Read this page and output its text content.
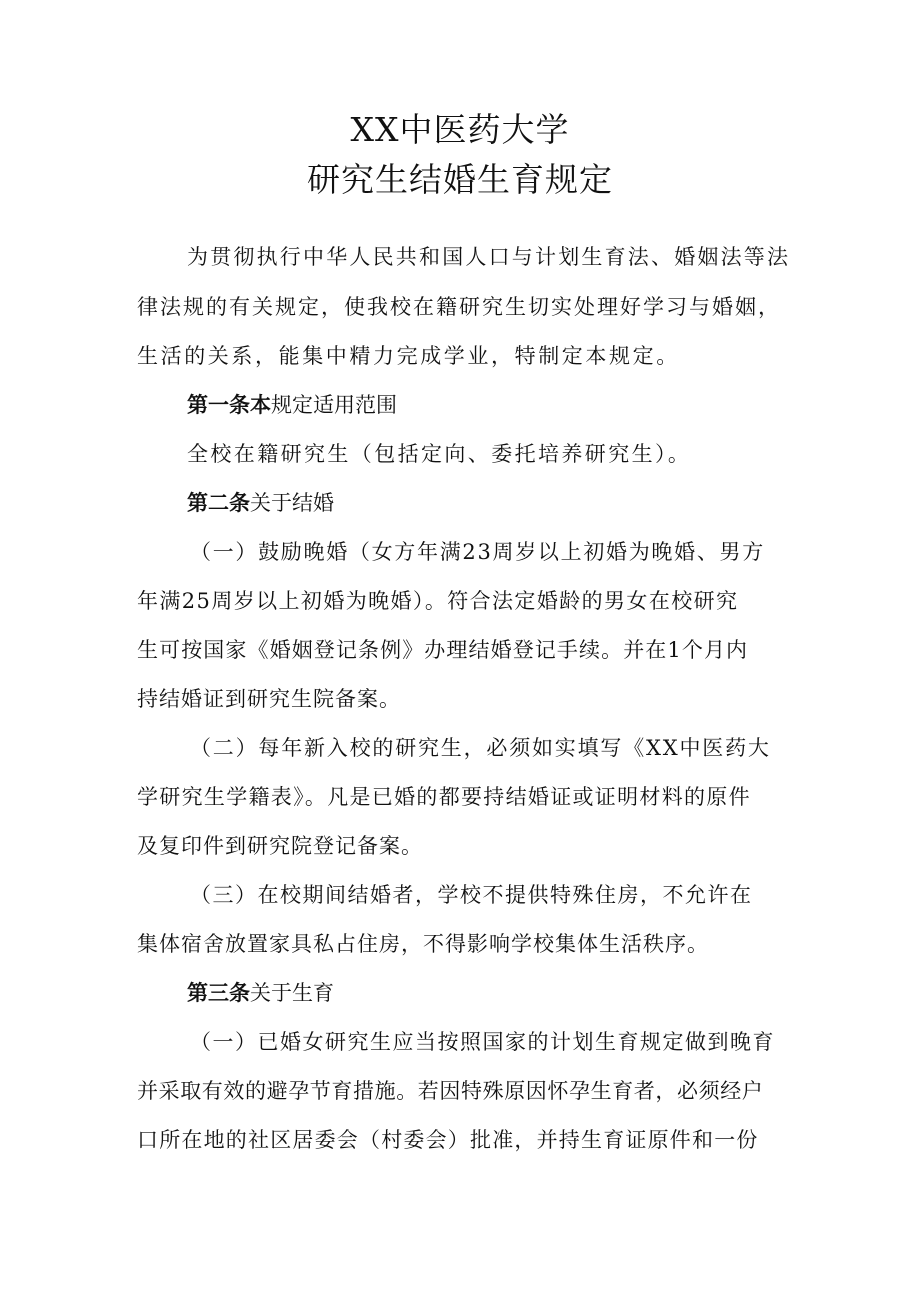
XX中医药大学
研究生结婚生育规定
为贯彻执行中华人民共和国人口与计划生育法、婚姻法等法
律法规的有关规定，使我校在籍研究生切实处理好学习与婚姻，
生活的关系，能集中精力完成学业，特制定本规定。
第一条本规定适用范围
全校在籍研究生（包括定向、委托培养研究生）。
第二条关于结婚
（一）鼓励晚婚（女方年满23周岁以上初婚为晚婚、男方
年满25周岁以上初婚为晚婚）。符合法定婚龄的男女在校研究
生可按国家《婚姻登记条例》办理结婚登记手续。并在1个月内
持结婚证到研究生院备案。
（二）每年新入校的研究生，必须如实填写《XX中医药大
学研究生学籍表》。凡是已婚的都要持结婚证或证明材料的原件
及复印件到研究院登记备案。
（三）在校期间结婚者，学校不提供特殊住房，不允许在
集体宿舍放置家具私占住房，不得影响学校集体生活秩序。
第三条关于生育
（一）已婚女研究生应当按照国家的计划生育规定做到晚育
并采取有效的避孕节育措施。若因特殊原因怀孕生育者，必须经户
口所在地的社区居委会（村委会）批准，并持生育证原件和一份
